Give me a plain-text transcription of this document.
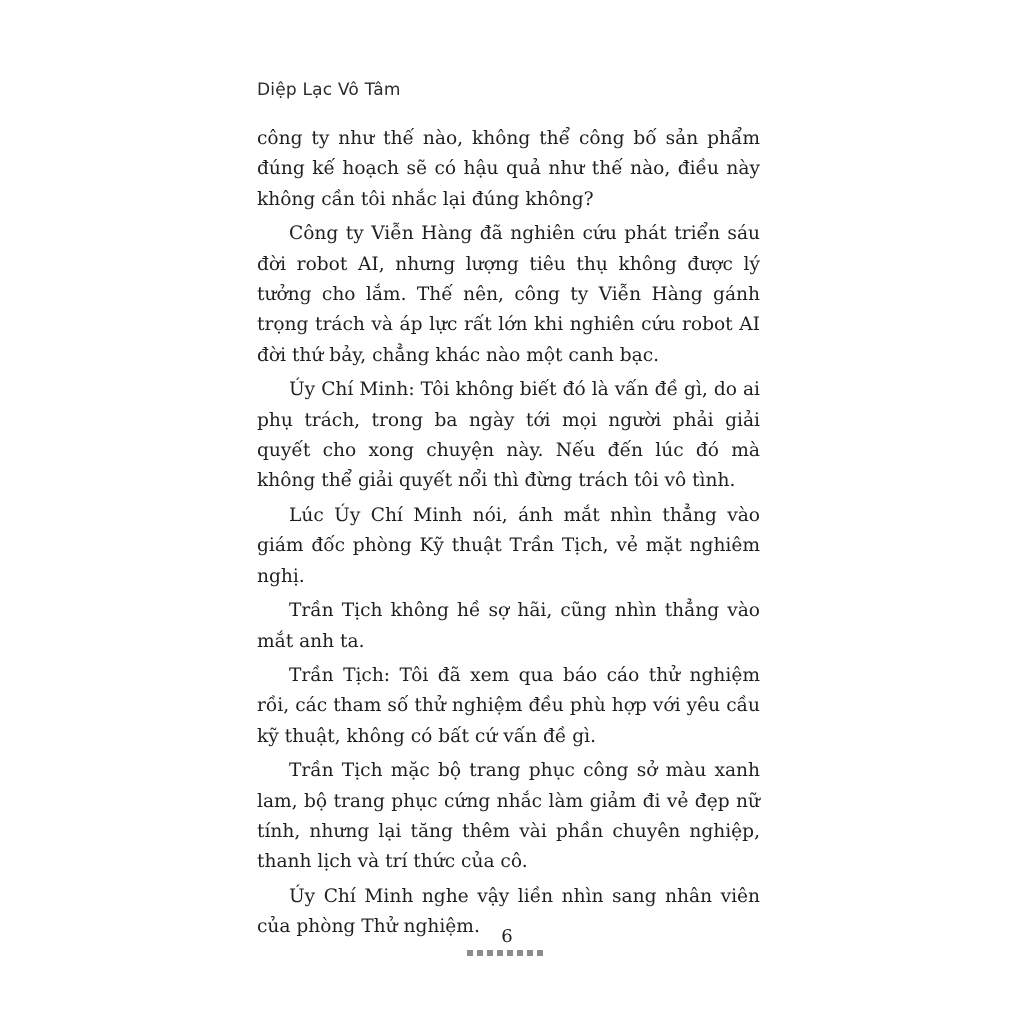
Diệp Lạc Vô Tâm

công ty như thế nào, không thể công bố sản phẩm đúng kế hoạch sẽ có hậu quả như thế nào, điều này không cần tôi nhắc lại đúng không?

Công ty Viễn Hàng đã nghiên cứu phát triển sáu đời robot AI, nhưng lượng tiêu thụ không được lý tưởng cho lắm. Thế nên, công ty Viễn Hàng gánh trọng trách và áp lực rất lớn khi nghiên cứu robot AI đời thứ bảy, chẳng khác nào một canh bạc.

Úy Chí Minh: Tôi không biết đó là vấn đề gì, do ai phụ trách, trong ba ngày tới mọi người phải giải quyết cho xong chuyện này. Nếu đến lúc đó mà không thể giải quyết nổi thì đừng trách tôi vô tình.

Lúc Úy Chí Minh nói, ánh mắt nhìn thẳng vào giám đốc phòng Kỹ thuật Trần Tịch, vẻ mặt nghiêm nghị.

Trần Tịch không hề sợ hãi, cũng nhìn thẳng vào mắt anh ta.

Trần Tịch: Tôi đã xem qua báo cáo thử nghiệm rồi, các tham số thử nghiệm đều phù hợp với yêu cầu kỹ thuật, không có bất cứ vấn đề gì.

Trần Tịch mặc bộ trang phục công sở màu xanh lam, bộ trang phục cứng nhắc làm giảm đi vẻ đẹp nữ tính, nhưng lại tăng thêm vài phần chuyên nghiệp, thanh lịch và trí thức của cô.

Úy Chí Minh nghe vậy liền nhìn sang nhân viên của phòng Thử nghiệm.	6
